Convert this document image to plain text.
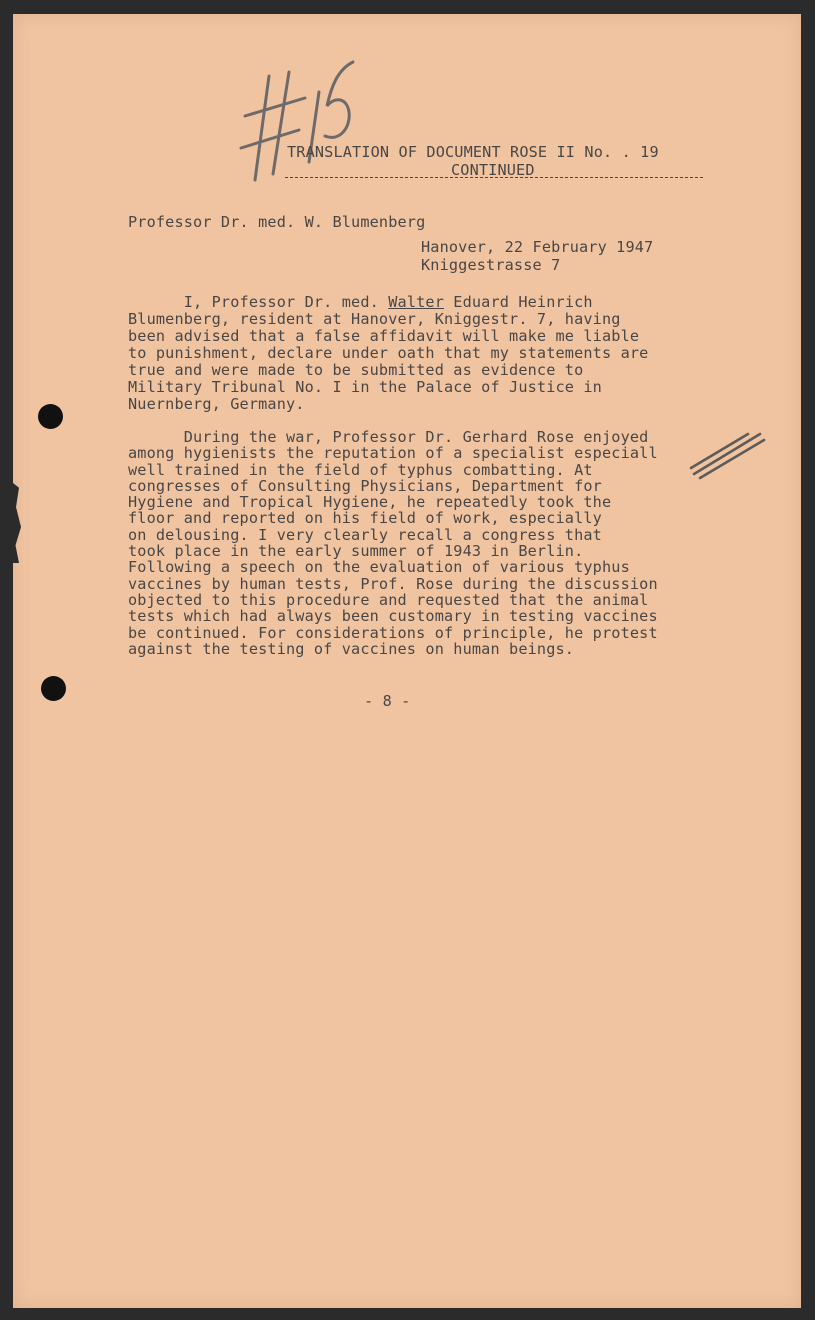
TRANSLATION OF DOCUMENT ROSE II No. . 19

CONTINUED

Professor Dr. med. W. Blumenberg

Hanover, 22 February 1947

Kniggestrasse 7

I, Professor Dr. med. Walter Eduard Heinrich
Blumenberg, resident at Hanover, Kniggestr. 7, having
been advised that a false affidavit will make me liable
to punishment, declare under oath that my statements are
true and were made to be submitted as evidence to
Military Tribunal No. I in the Palace of Justice in
Nuernberg, Germany.
During the war, Professor Dr. Gerhard Rose enjoyed
among hygienists the reputation of a specialist especiall
well trained in the field of typhus combatting. At
congresses of Consulting Physicians, Department for
Hygiene and Tropical Hygiene, he repeatedly took the
floor and reported on his field of work, especially
on delousing. I very clearly recall a congress that
took place in the early summer of 1943 in Berlin.
Following a speech on the evaluation of various typhus
vaccines by human tests, Prof. Rose during the discussion
objected to this procedure and requested that the animal
tests which had always been customary in testing vaccines
be continued. For considerations of principle, he protest
against the testing of vaccines on human beings.

- 8 -
